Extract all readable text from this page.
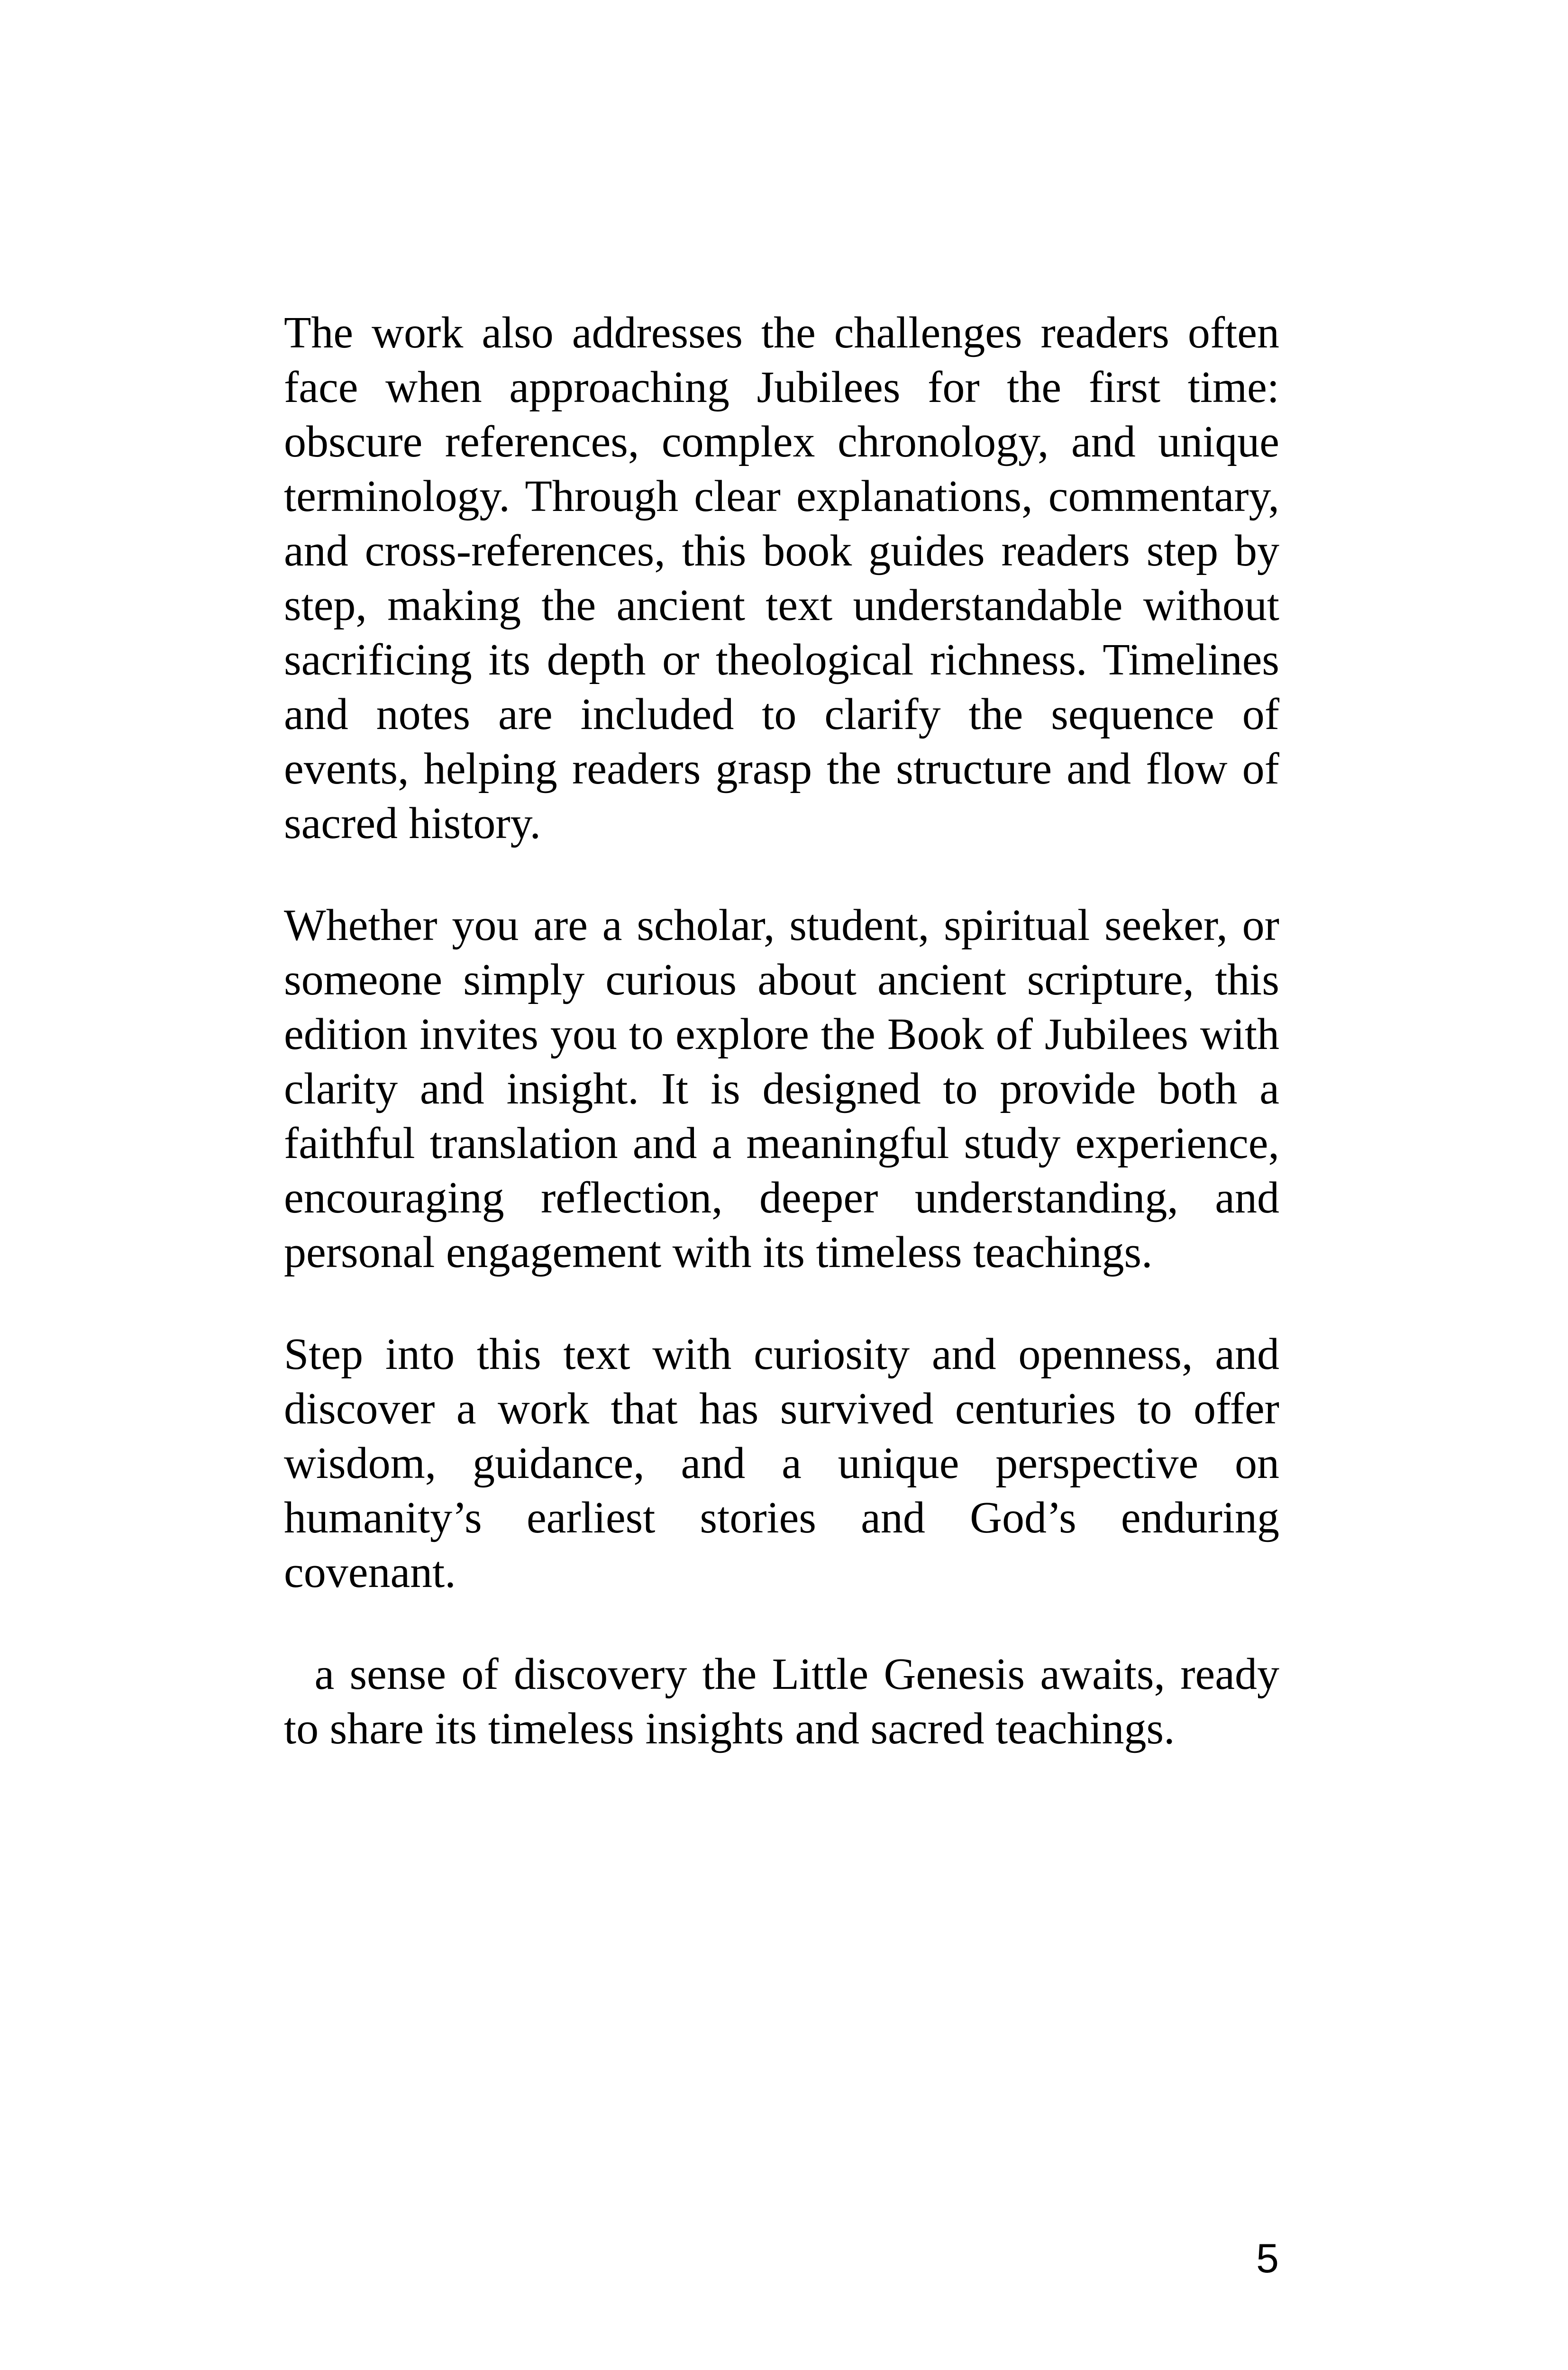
The work also addresses the challenges readers often face when approaching Jubilees for the first time: obscure references, complex chronology, and unique terminology. Through clear explanations, commentary, and cross-references, this book guides readers step by step, making the ancient text understandable without sacrificing its depth or theological richness. Timelines and notes are included to clarify the sequence of events, helping readers grasp the structure and flow of sacred history.

Whether you are a scholar, student, spiritual seeker, or someone simply curious about ancient scripture, this edition invites you to explore the Book of Jubilees with clarity and insight. It is designed to provide both a faithful translation and a meaningful study experience, encouraging reflection, deeper understanding, and personal engagement with its timeless teachings.

Step into this text with curiosity and openness, and discover a work that has survived centuries to offer wisdom, guidance, and a unique perspective on humanity’s earliest stories and God’s enduring covenant.

a sense of discovery the Little Genesis awaits, ready to share its timeless insights and sacred teachings.

5
